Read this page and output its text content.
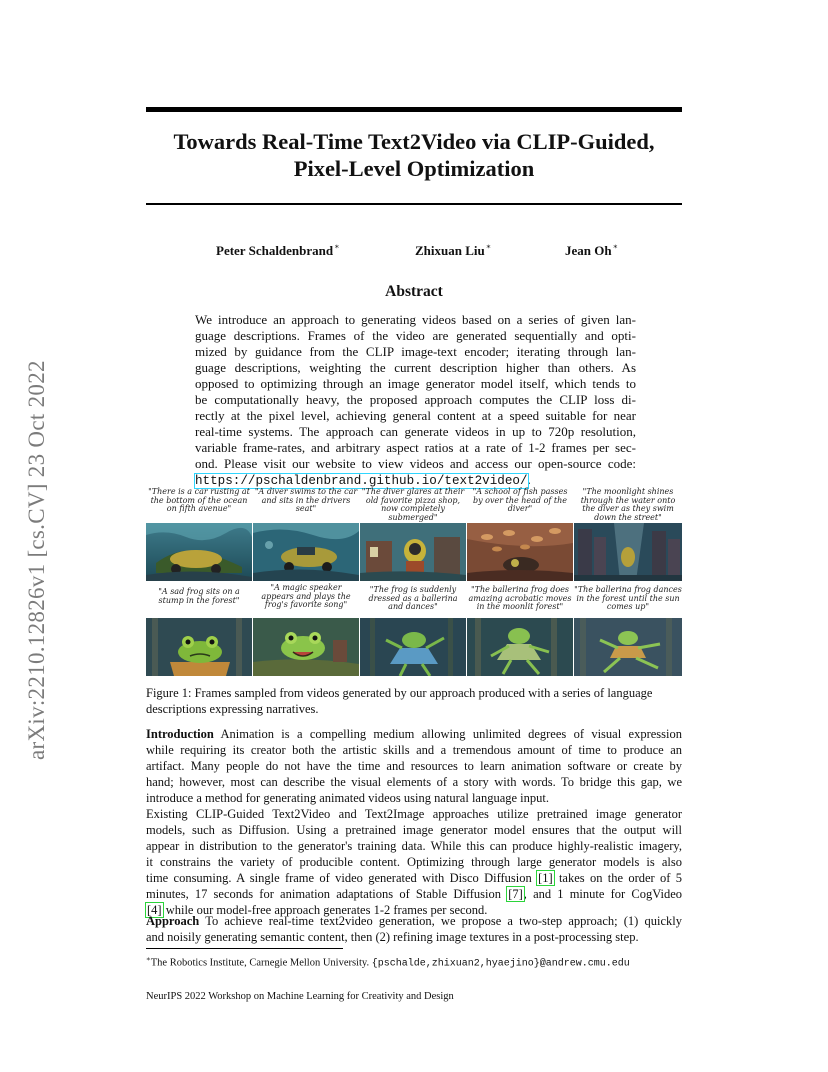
arXiv:2210.12826v1 [cs.CV] 23 Oct 2022
Towards Real-Time Text2Video via CLIP-Guided,
Pixel-Level Optimization
Peter Schaldenbrand∗	Zhixuan Liu∗	Jean Oh∗
Abstract
We introduce an approach to generating videos based on a series of given lan-
guage descriptions. Frames of the video are generated sequentially and opti-
mized by guidance from the CLIP image-text encoder; iterating through lan-
guage descriptions, weighting the current description higher than others. As
opposed to optimizing through an image generator model itself, which tends to
be computationally heavy, the proposed approach computes the CLIP loss di-
rectly at the pixel level, achieving general content at a speed suitable for near
real-time systems. The approach can generate videos in up to 720p resolution,
variable frame-rates, and arbitrary aspect ratios at a rate of 1-2 frames per sec-
ond. Please visit our website to view videos and access our open-source code:
https://pschaldenbrand.github.io/text2video/.
"There is a car rusting at the bottom of the ocean on fifth avenue"
"A diver swims to the car and sits in the drivers seat"
"The diver glares at their old favorite pizza shop, now completely submerged"
"A school of fish passes by over the head of the diver"
"The moonlight shines through the water onto the diver as they swim down the street"
"A sad frog sits on a stump in the forest"
"A magic speaker appears and plays the frog's favorite song"
"The frog is suddenly dressed as a ballerina and dances"
"The ballerina frog does amazing acrobatic moves in the moonlit forest"
"The ballerina frog dances in the forest until the sun comes up"
Figure 1: Frames sampled from videos generated by our approach produced with a series of language descriptions expressing narratives.
Introduction Animation is a compelling medium allowing unlimited degrees of visual expression
while requiring its creator both the artistic skills and a tremendous amount of time to produce an
artifact. Many people do not have the time and resources to learn animation software or create by
hand; however, most can describe the visual elements of a story with words. To bridge this gap, we
introduce a method for generating animated videos using natural language input.
Existing CLIP-Guided Text2Video and Text2Image approaches utilize pretrained image generator
models, such as Diffusion. Using a pretrained image generator model ensures that the output will
appear in distribution to the generator's training data. While this can produce highly-realistic imagery,
it constrains the variety of producible content. Optimizing through large generator models is also
time consuming. A single frame of video generated with Disco Diffusion [1] takes on the order of 5
minutes, 17 seconds for animation adaptations of Stable Diffusion [7], and 1 minute for CogVideo
[4] while our model-free approach generates 1-2 frames per second.
Approach To achieve real-time text2video generation, we propose a two-step approach; (1) quickly
and noisily generating semantic content, then (2) refining image textures in a post-processing step.
∗The Robotics Institute, Carnegie Mellon University. {pschalde,zhixuan2,hyaejino}@andrew.cmu.edu
NeurIPS 2022 Workshop on Machine Learning for Creativity and Design
